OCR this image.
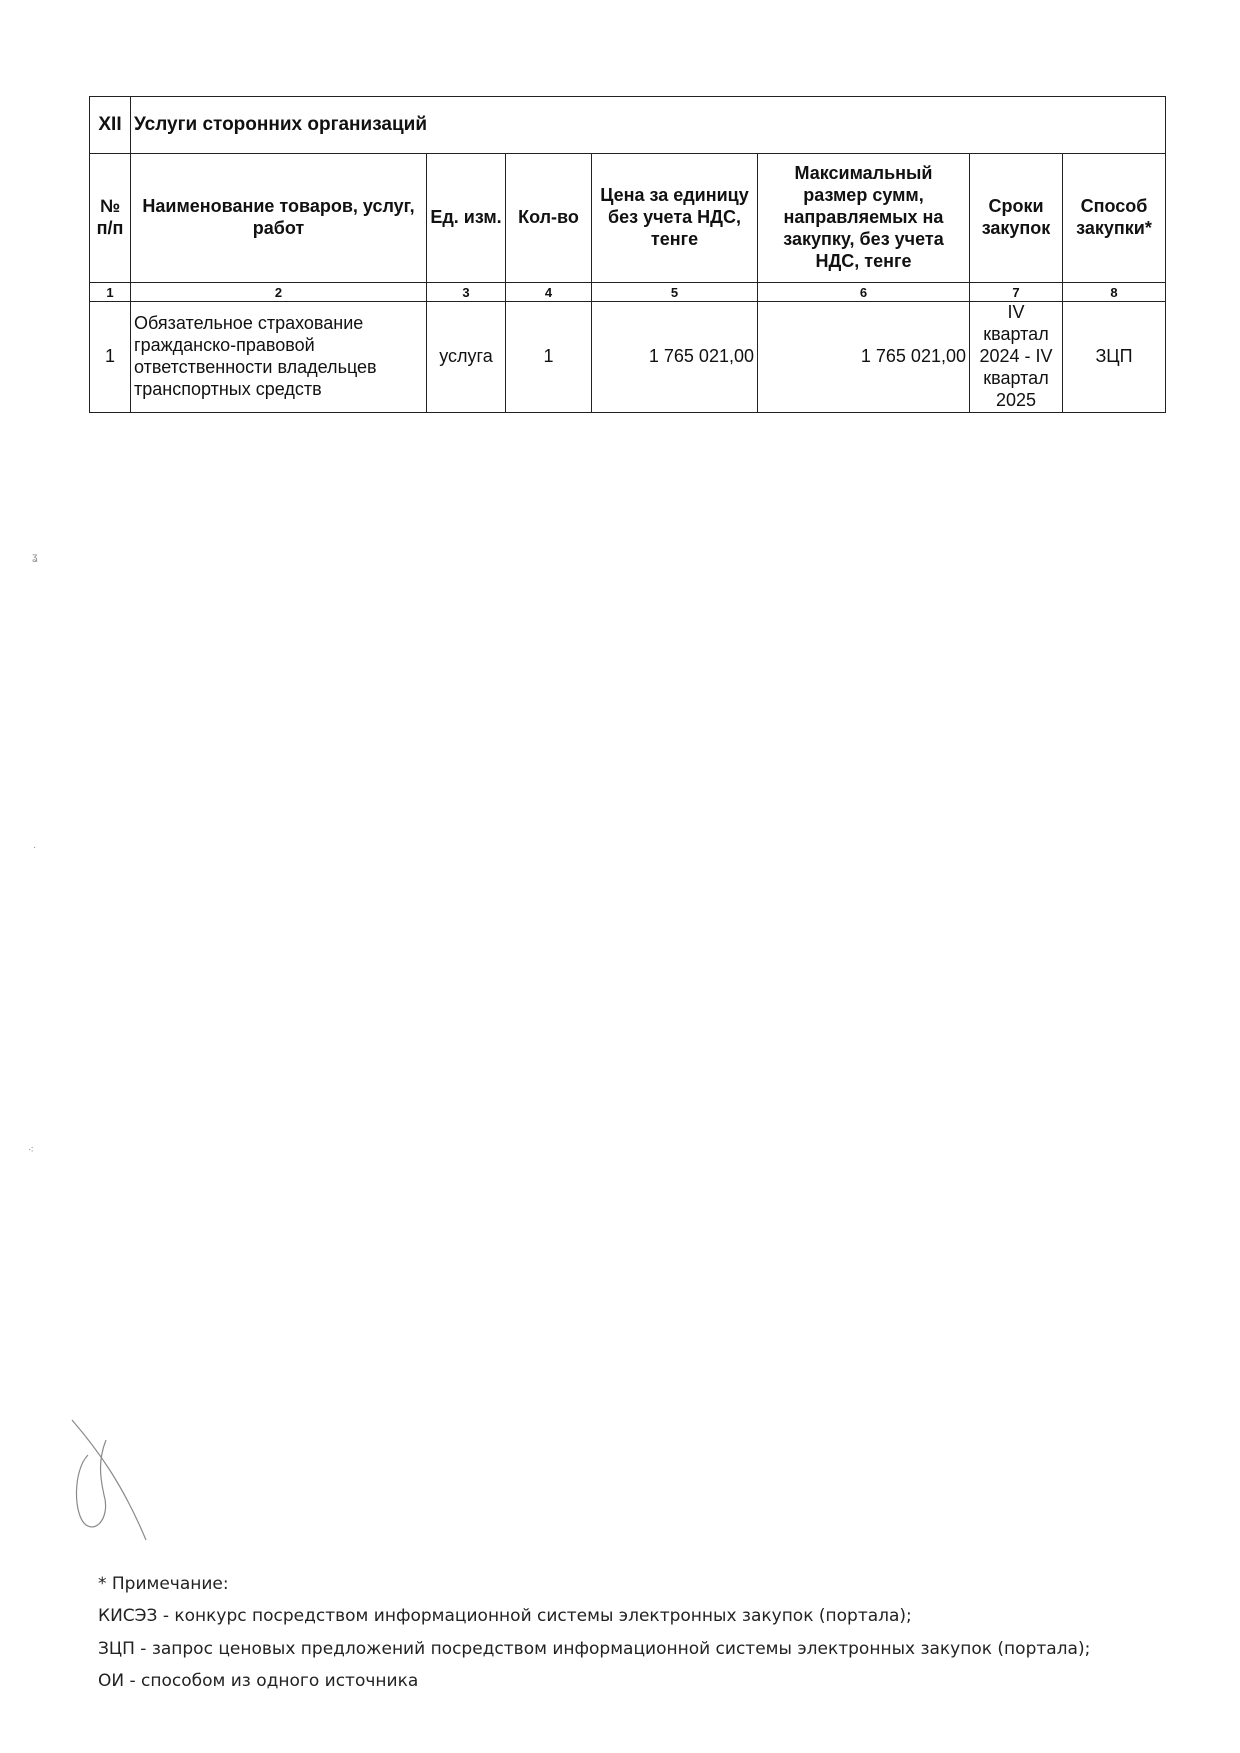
XII	Услуги сторонних организаций						
№ п/п	Наименование товаров, услуг, работ	Ед. изм.	Кол-во	Цена за единицу без учета НДС, тенге	Максимальный размер сумм, направляемых на закупку, без учета НДС, тенге	Сроки закупок	Способ закупки*
1	2	3	4	5	6	7	8
1	Обязательное страхование гражданско-правовой ответственности владельцев транспортных средств	услуга	1	1 765 021,00	1 765 021,00	IV квартал 2024 - IV квартал 2025	ЗЦП
ʓ
·
⁖
* Примечание:
КИСЭЗ - конкурс посредством информационной системы электронных закупок (портала);
ЗЦП - запрос ценовых предложений посредством информационной системы электронных закупок (портала);
ОИ - способом из одного источника
